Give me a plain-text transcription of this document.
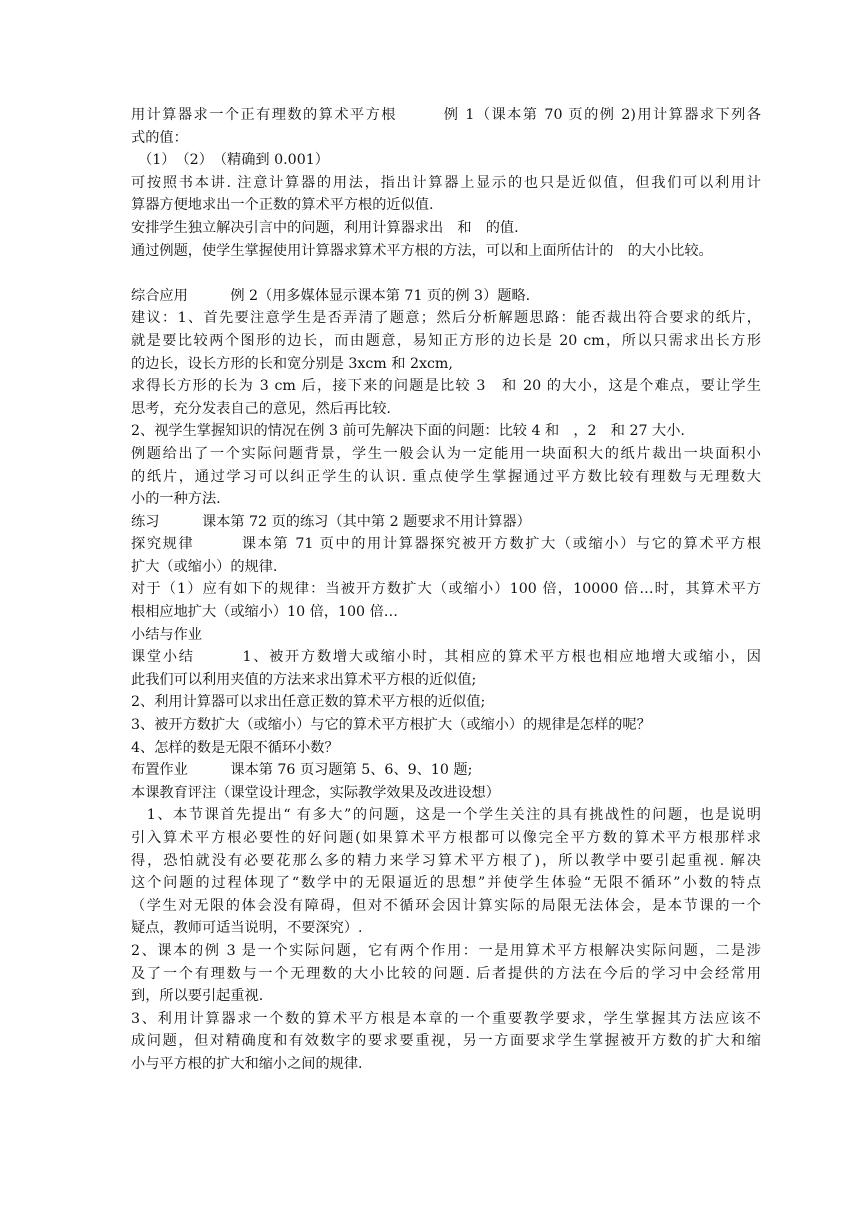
用计算器求一个正有理数的算术平方根　　　例 1（课本第 70 页的例 2)用计算器求下列各
式的值：
　（1）　（2）　（精确到 0.001）
可按照书本讲. 注意计算器的用法，指出计算器上显示的也只是近似值，但我们可以利用计
算器方便地求出一个正数的算术平方根的近似值.
安排学生独立解决引言中的问题，利用计算器求出　和　的值.
通过例题，使学生掌握使用计算器求算术平方根的方法，可以和上面所估计的　的大小比较。
综合应用　　　例 2（用多媒体显示课本第 71 页的例 3）题略.
建议：1、首先要注意学生是否弄清了题意；然后分析解题思路：能否裁出符合要求的纸片，
就是要比较两个图形的边长，而由题意，易知正方形的边长是 20 cm，所以只需求出长方形
的边长，设长方形的长和宽分别是 3xcm 和 2xcm,
求得长方形的长为 3 cm 后，接下来的问题是比较 3　和 20 的大小，这是个难点，要让学生
思考，充分发表自己的意见，然后再比较.
2、视学生掌握知识的情况在例 3 前可先解决下面的问题：比较 4 和　，2　和 27 大小.
例题给出了一个实际问题背景，学生一般会认为一定能用一块面积大的纸片裁出一块面积小
的纸片，通过学习可以纠正学生的认识. 重点使学生掌握通过平方数比较有理数与无理数大
小的一种方法.
练习　　　课本第 72 页的练习（其中第 2 题要求不用计算器）
探究规律　　　课本第 71 页中的用计算器探究被开方数扩大（或缩小）与它的算术平方根
扩大（或缩小）的规律.
对于（1）应有如下的规律：当被开方数扩大（或缩小）100 倍，10000 倍…时，其算术平方
根相应地扩大（或缩小）10 倍，100 倍…
小结与作业
课堂小结　　　1、被开方数增大或缩小时，其相应的算术平方根也相应地增大或缩小，因
此我们可以利用夹值的方法来求出算术平方根的近似值;
2、利用计算器可以求出任意正数的算术平方根的近似值;
3、被开方数扩大（或缩小）与它的算术平方根扩大（或缩小）的规律是怎样的呢？
4、怎样的数是无限不循环小数？
布置作业　　　课本第 76 页习题第 5、6、9、10 题;
本课教育评注（课堂设计理念，实际教学效果及改进设想）
　1、本节课首先提出“ 有多大”的问题，这是一个学生关注的具有挑战性的问题，也是说明
引入算术平方根必要性的好问题(如果算术平方根都可以像完全平方数的算术平方根那样求
得，恐怕就没有必要花那么多的精力来学习算术平方根了)，所以教学中要引起重视. 解决
这个问题的过程体现了“数学中的无限逼近的思想”并使学生体验“无限不循环”小数的特点
（学生对无限的体会没有障碍，但对不循环会因计算实际的局限无法体会，是本节课的一个
疑点，教师可适当说明，不要深究）.
2、课本的例 3 是一个实际问题，它有两个作用：一是用算术平方根解决实际问题，二是涉
及了一个有理数与一个无理数的大小比较的问题. 后者提供的方法在今后的学习中会经常用
到，所以要引起重视.
3、利用计算器求一个数的算术平方根是本章的一个重要教学要求，学生掌握其方法应该不
成问题，但对精确度和有效数字的要求要重视，另一方面要求学生掌握被开方数的扩大和缩
小与平方根的扩大和缩小之间的规律.
